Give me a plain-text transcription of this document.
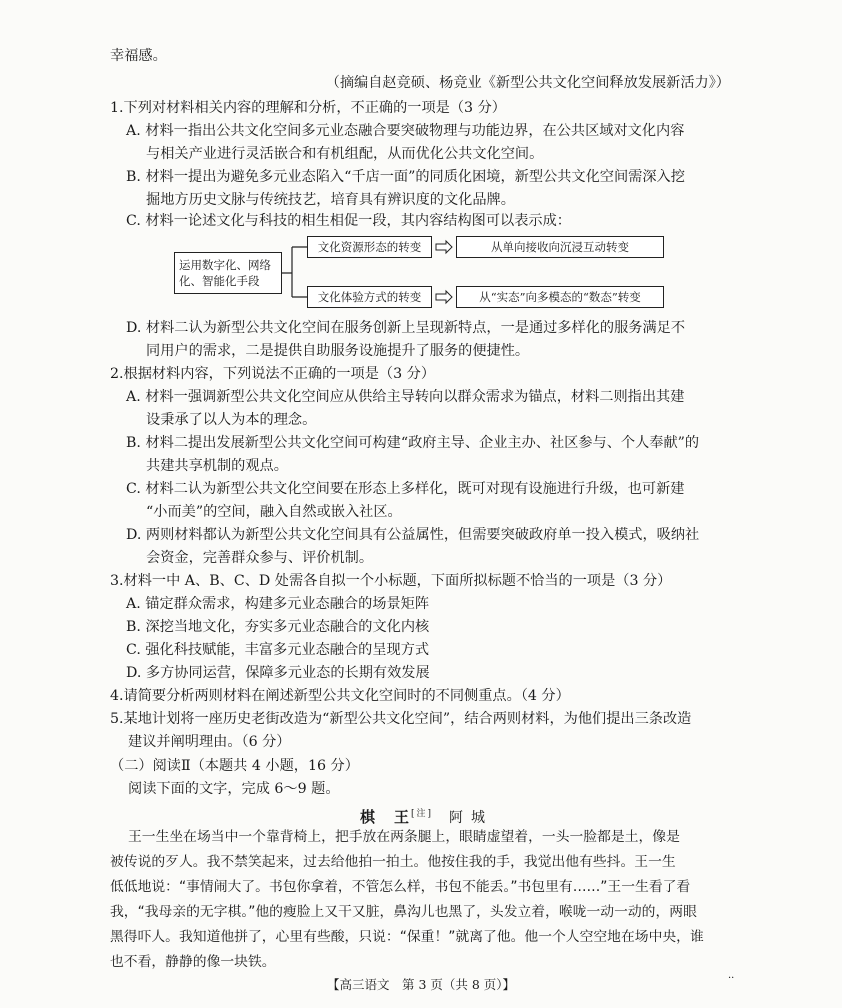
幸福感。
（摘编自赵竞硕、杨竞业《新型公共文化空间释放发展新活力》）
1.下列对材料相关内容的理解和分析，不正确的一项是（3 分）
A. 材料一指出公共文化空间多元业态融合要突破物理与功能边界，在公共区域对文化内容
与相关产业进行灵活嵌合和有机组配，从而优化公共文化空间。
B. 材料一提出为避免多元业态陷入“千店一面”的同质化困境，新型公共文化空间需深入挖
掘地方历史文脉与传统技艺，培育具有辨识度的文化品牌。
C. 材料一论述文化与科技的相生相促一段，其内容结构图可以表示成：
运用数字化、网络
化、智能化手段
文化资源形态的转变
文化体验方式的转变
从单向接收向沉浸互动转变
从“实态”向多模态的“数态”转变
D. 材料二认为新型公共文化空间在服务创新上呈现新特点，一是通过多样化的服务满足不
同用户的需求，二是提供自助服务设施提升了服务的便捷性。
2.根据材料内容，下列说法不正确的一项是（3 分）
A. 材料一强调新型公共文化空间应从供给主导转向以群众需求为锚点，材料二则指出其建
设秉承了以人为本的理念。
B. 材料二提出发展新型公共文化空间可构建“政府主导、企业主办、社区参与、个人奉献”的
共建共享机制的观点。
C. 材料二认为新型公共文化空间要在形态上多样化，既可对现有设施进行升级，也可新建
“小而美”的空间，融入自然或嵌入社区。
D. 两则材料都认为新型公共文化空间具有公益属性，但需要突破政府单一投入模式，吸纳社
会资金，完善群众参与、评价机制。
3.材料一中 A、B、C、D 处需各自拟一个小标题，下面所拟标题不恰当的一项是（3 分）
A. 锚定群众需求，构建多元业态融合的场景矩阵
B. 深挖当地文化，夯实多元业态融合的文化内核
C. 强化科技赋能，丰富多元业态融合的呈现方式
D. 多方协同运营，保障多元业态的长期有效发展
4.请简要分析两则材料在阐述新型公共文化空间时的不同侧重点。（4 分）
5.某地计划将一座历史老街改造为“新型公共文化空间”，结合两则材料，为他们提出三条改造
建议并阐明理由。（6 分）
（二）阅读Ⅱ（本题共 4 小题，16 分）
阅读下面的文字，完成 6～9 题。
棋　王[注] 阿城
王一生坐在场当中一个靠背椅上，把手放在两条腿上，眼睛虚望着，一头一脸都是土，像是
被传说的歹人。我不禁笑起来，过去给他拍一拍土。他按住我的手，我觉出他有些抖。王一生
低低地说：“事情闹大了。书包你拿着，不管怎么样，书包不能丢。”书包里有……”王一生看了看
我，“我母亲的无字棋。”他的瘦脸上又干又脏，鼻沟儿也黑了，头发立着，喉咙一动一动的，两眼
黑得吓人。我知道他拼了，心里有些酸，只说：“保重！”就离了他。他一个人空空地在场中央，谁
也不看，静静的像一块铁。
【高三语文　第 3 页（共 8 页）】	··
